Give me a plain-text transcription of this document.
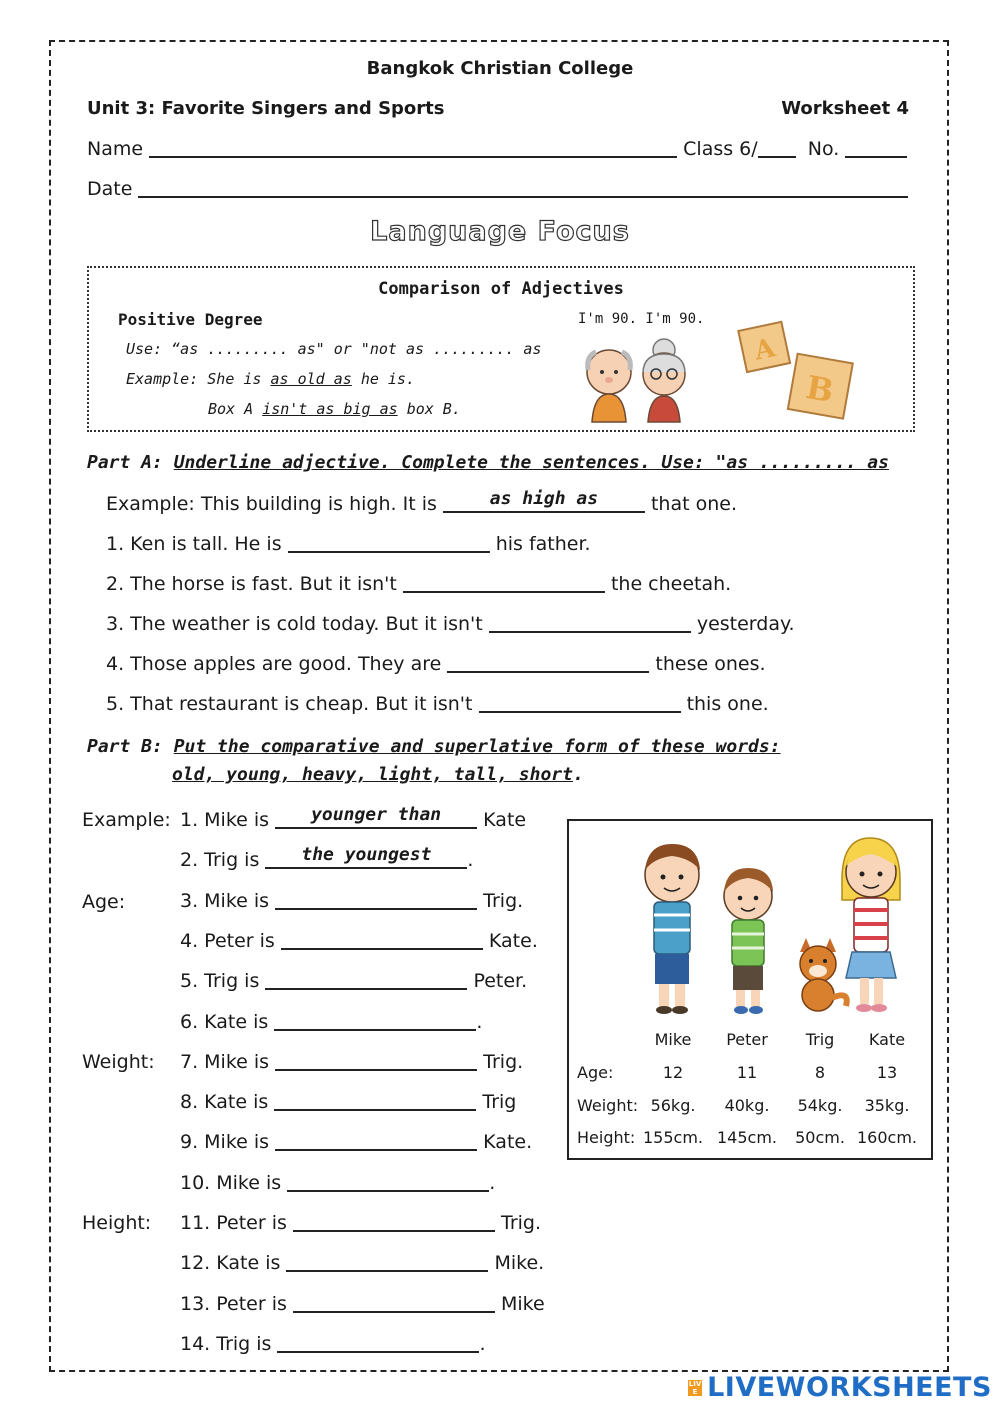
Bangkok Christian College
Unit 3: Favorite Singers and Sports	Worksheet 4
Name	Class 6/	No.
Date
Language Focus
Comparison of Adjectives
Positive Degree
Use: “as ......... as" or "not as ......... as
Example: She is as old as he is.
Box A isn't as big as box B.
I'm 90. I'm 90.
A
B
Part A: Underline adjective. Complete the sentences. Use: "as ......... as
Example: This building is high. It is	as high as	that one.
1. Ken is tall. He is	his father.
2. The horse is fast. But it isn't	the cheetah.
3. The weather is cold today. But it isn't	yesterday.
4. Those apples are good. They are	these ones.
5. That restaurant is cheap. But it isn't	this one.
Part B: Put the comparative and superlative form of these words:
old, young, heavy, light, tall, short.
Example:
Age:
Weight:
Height:
1. Mike is	younger than	Kate
2. Trig is	the youngest	.
3. Mike is	Trig.
4. Peter is	Kate.
5. Trig is	Peter.
6. Kate is	.
7. Mike is	Trig.
8. Kate is	Trig
9. Mike is	Kate.
10. Mike is	.
11. Peter is	Trig.
12. Kate is	Mike.
13. Peter is	Mike
14. Trig is	.
Mike	Peter	Trig	Kate
Age:	12	11	8	13
Weight: 56kg.	40kg.	54kg.	35kg.
Height: 155cm. 145cm.	50cm. 160cm.
LIVE LIVEWORKSHEETS
